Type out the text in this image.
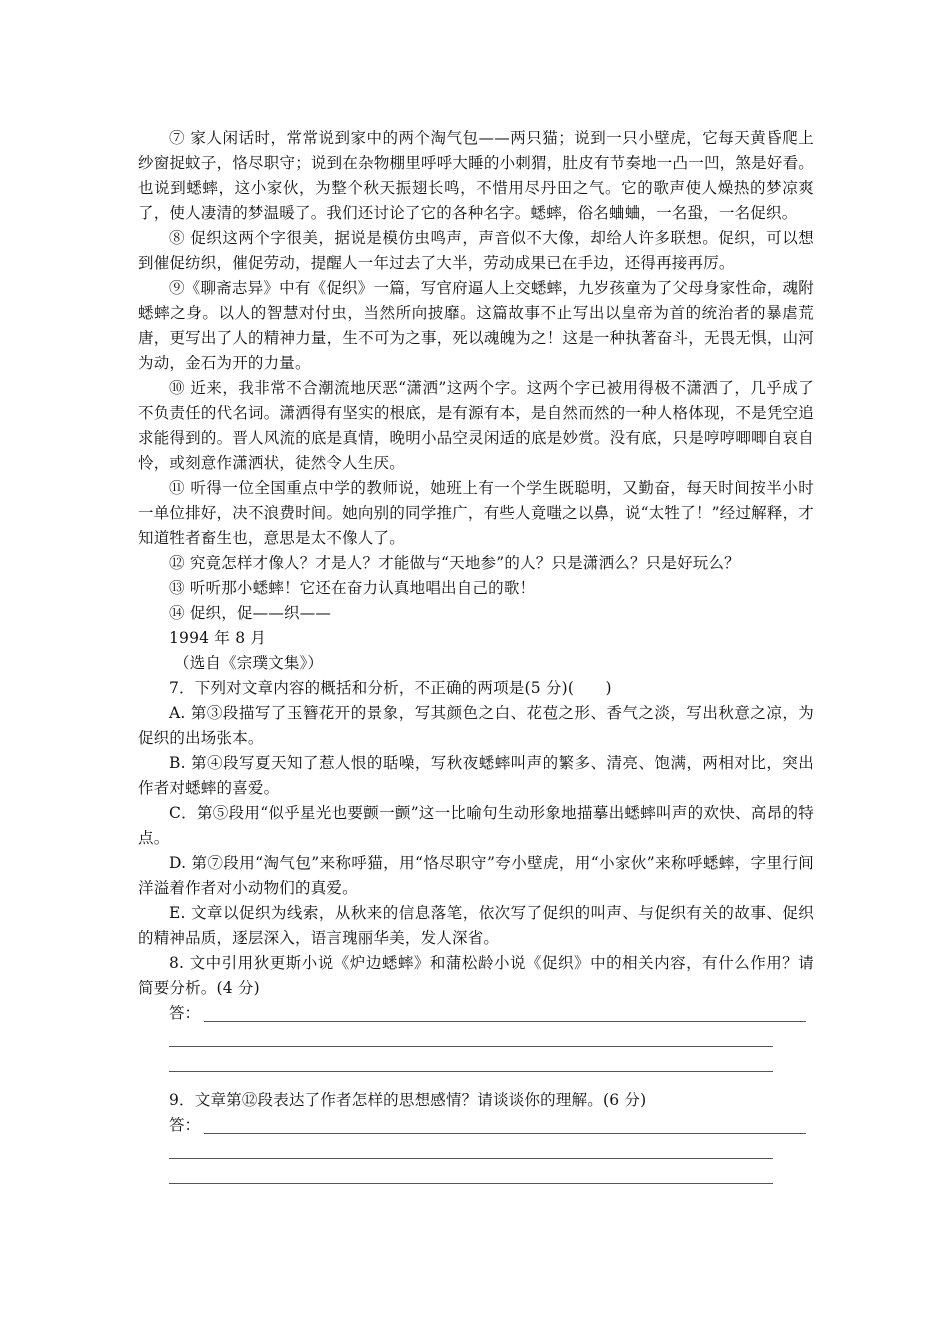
⑦ 家人闲话时，常常说到家中的两个淘气包——两只猫；说到一只小壁虎，它每天黄昏爬上纱窗捉蚊子，恪尽职守；说到在杂物棚里呼呼大睡的小刺猬，肚皮有节奏地一凸一凹，煞是好看。也说到蟋蟀，这小家伙，为整个秋天振翅长鸣，不惜用尽丹田之气。它的歌声使人燥热的梦凉爽了，使人凄清的梦温暖了。我们还讨论了它的各种名字。蟋蟀，俗名蛐蛐，一名蛩，一名促织。

⑧ 促织这两个字很美，据说是模仿虫鸣声，声音似不大像，却给人许多联想。促织，可以想到催促纺织，催促劳动，提醒人一年过去了大半，劳动成果已在手边，还得再接再厉。

⑨《聊斋志异》中有《促织》一篇，写官府逼人上交蟋蟀，九岁孩童为了父母身家性命，魂附蟋蟀之身。以人的智慧对付虫，当然所向披靡。这篇故事不止写出以皇帝为首的统治者的暴虐荒唐，更写出了人的精神力量，生不可为之事，死以魂魄为之！这是一种执著奋斗，无畏无惧，山河为动，金石为开的力量。

⑩ 近来，我非常不合潮流地厌恶“潇洒”这两个字。这两个字已被用得极不潇洒了，几乎成了不负责任的代名词。潇洒得有坚实的根底，是有源有本，是自然而然的一种人格体现，不是凭空追求能得到的。晋人风流的底是真情，晚明小品空灵闲适的底是妙赏。没有底，只是哼哼唧唧自哀自怜，或刻意作潇洒状，徒然令人生厌。

⑪ 听得一位全国重点中学的教师说，她班上有一个学生既聪明，又勤奋，每天时间按半小时一单位排好，决不浪费时间。她向别的同学推广，有些人竟嗤之以鼻，说“太牲了！”经过解释，才知道牲者畜生也，意思是太不像人了。

⑫ 究竟怎样才像人？才是人？才能做与“天地参”的人？只是潇洒么？只是好玩么？

⑬ 听听那小蟋蟀！它还在奋力认真地唱出自己的歌！

⑭ 促织，促——织——

1994 年 8 月

（选自《宗璞文集》）

7．下列对文章内容的概括和分析，不正确的两项是(5 分)(　　)

A. 第③段描写了玉簪花开的景象，写其颜色之白、花苞之形、香气之淡，写出秋意之凉，为促织的出场张本。

B. 第④段写夏天知了惹人恨的聒噪，写秋夜蟋蟀叫声的繁多、清亮、饱满，两相对比，突出作者对蟋蟀的喜爱。

C．第⑤段用“似乎星光也要颤一颤”这一比喻句生动形象地描摹出蟋蟀叫声的欢快、高昂的特点。

D. 第⑦段用“淘气包”来称呼猫，用“恪尽职守”夸小壁虎，用“小家伙”来称呼蟋蟀，字里行间洋溢着作者对小动物们的真爱。

E. 文章以促织为线索，从秋来的信息落笔，依次写了促织的叫声、与促织有关的故事、促织的精神品质，逐层深入，语言瑰丽华美，发人深省。

8. 文中引用狄更斯小说《炉边蟋蟀》和蒲松龄小说《促织》中的相关内容，有什么作用？请简要分析。(4 分)

答：

9．文章第⑫段表达了作者怎样的思想感情？请谈谈你的理解。(6 分)

答：
